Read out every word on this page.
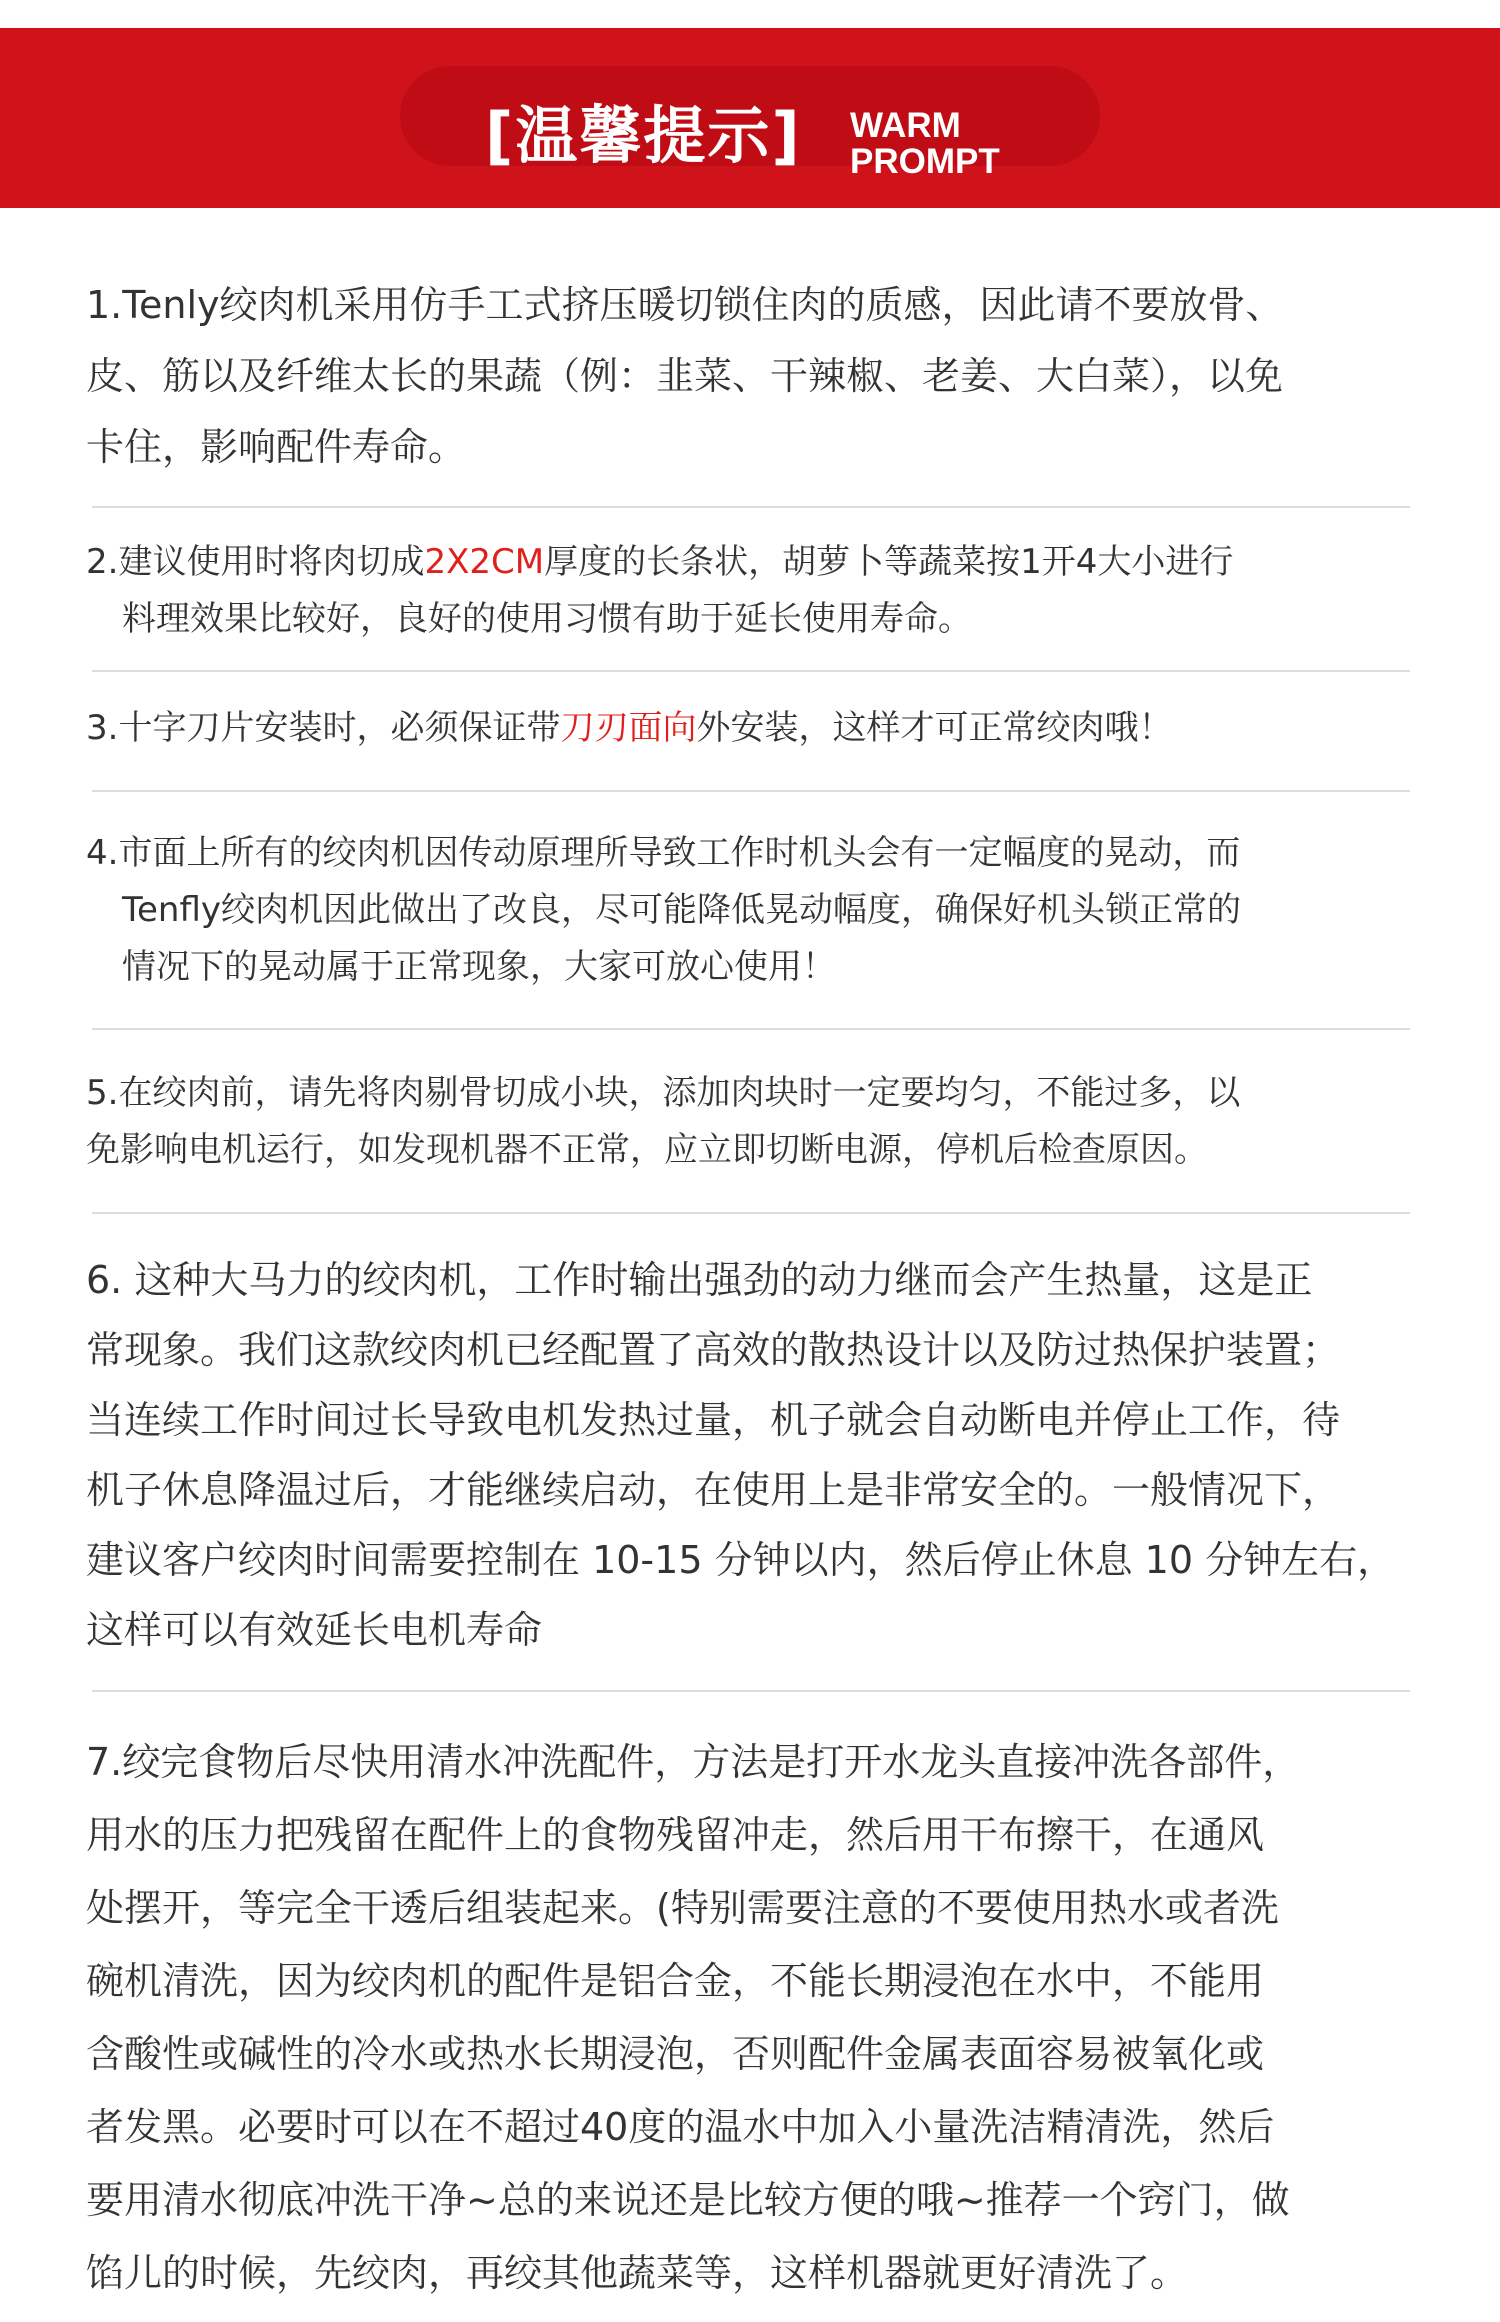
[温馨提示] WARM
PROMPT
1.Tenly绞肉机采用仿手工式挤压暖切锁住肉的质感，因此请不要放骨、
皮、筋以及纤维太长的果蔬（例：韭菜、干辣椒、老姜、大白菜），以免
卡住，影响配件寿命。
2.建议使用时将肉切成2X2CM厚度的长条状，胡萝卜等蔬菜按1开4大小进行
料理效果比较好，良好的使用习惯有助于延长使用寿命。
3.十字刀片安装时，必须保证带刀刃面向外安装，这样才可正常绞肉哦！
4.市面上所有的绞肉机因传动原理所导致工作时机头会有一定幅度的晃动，而
Tenfly绞肉机因此做出了改良，尽可能降低晃动幅度，确保好机头锁正常的
情况下的晃动属于正常现象，大家可放心使用！
5.在绞肉前，请先将肉剔骨切成小块，添加肉块时一定要均匀，不能过多，以
免影响电机运行，如发现机器不正常，应立即切断电源，停机后检查原因。
6. 这种大马力的绞肉机，工作时输出强劲的动力继而会产生热量，这是正
常现象。我们这款绞肉机已经配置了高效的散热设计以及防过热保护装置；
当连续工作时间过长导致电机发热过量，机子就会自动断电并停止工作，待
机子休息降温过后，才能继续启动，在使用上是非常安全的。一般情况下，
建议客户绞肉时间需要控制在 10-15 分钟以内，然后停止休息 10 分钟左右，
这样可以有效延长电机寿命
7.绞完食物后尽快用清水冲洗配件，方法是打开水龙头直接冲洗各部件，
用水的压力把残留在配件上的食物残留冲走，然后用干布擦干，在通风
处摆开，等完全干透后组装起来。(特别需要注意的不要使用热水或者洗
碗机清洗，因为绞肉机的配件是铝合金，不能长期浸泡在水中，不能用
含酸性或碱性的冷水或热水长期浸泡，否则配件金属表面容易被氧化或
者发黑。必要时可以在不超过40度的温水中加入小量洗洁精清洗，然后
要用清水彻底冲洗干净~总的来说还是比较方便的哦~推荐一个窍门，做
馅儿的时候，先绞肉，再绞其他蔬菜等，这样机器就更好清洗了。
